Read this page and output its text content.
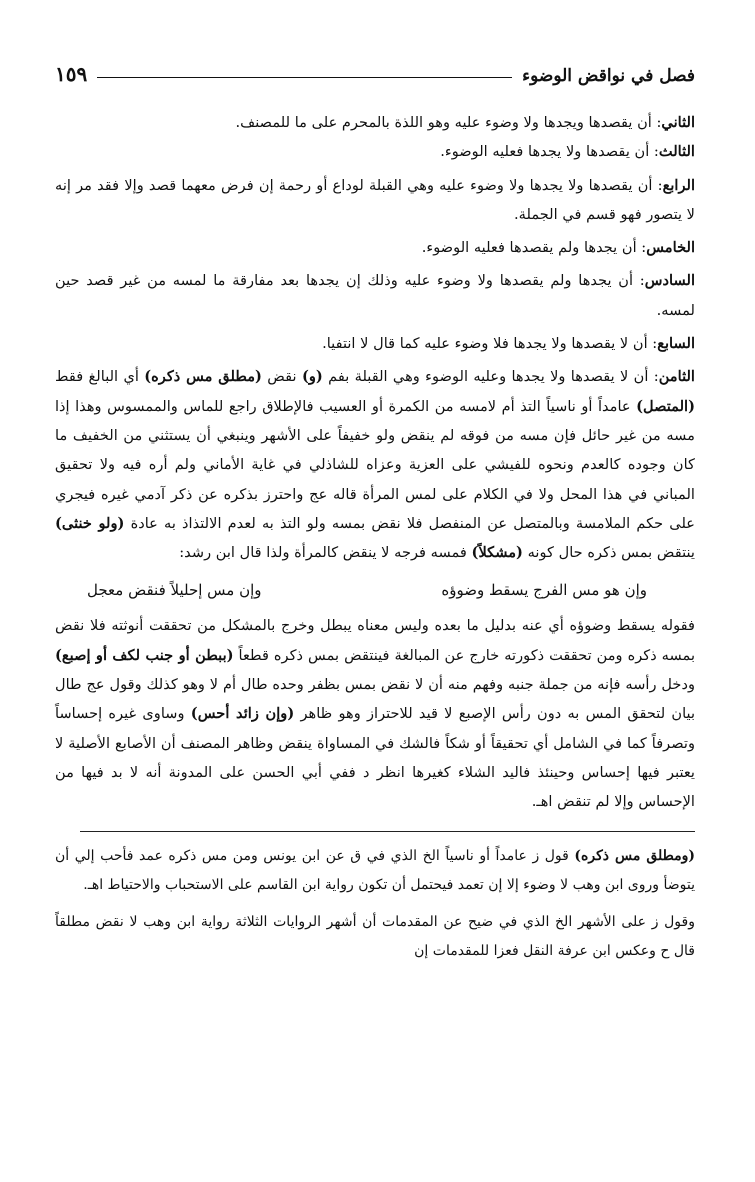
فصل في نواقض الوضوء
١٥٩

الثاني: أن يقصدها ويجدها ولا وضوء عليه وهو اللذة بالمحرم على ما للمصنف.

الثالث: أن يقصدها ولا يجدها فعليه الوضوء.

الرابع: أن يقصدها ولا يجدها ولا وضوء عليه وهي القبلة لوداع أو رحمة إن فرض معهما قصد وإلا فقد مر إنه لا يتصور فهو قسم في الجملة.

الخامس: أن يجدها ولم يقصدها فعليه الوضوء.

السادس: أن يجدها ولم يقصدها ولا وضوء عليه وذلك إن يجدها بعد مفارقة ما لمسه من غير قصد حين لمسه.

السابع: أن لا يقصدها ولا يجدها فلا وضوء عليه كما قال لا انتفيا.

الثامن: أن لا يقصدها ولا يجدها وعليه الوضوء وهي القبلة بفم (و) نقض (مطلق مس ذكره) أي البالغ فقط (المتصل) عامداً أو ناسياً التذ أم لامسه من الكمرة أو العسيب فالإطلاق راجع للماس والممسوس وهذا إذا مسه من غير حائل فإن مسه من فوقه لم ينقض ولو خفيفاً على الأشهر وينبغي أن يستثني من الخفيف ما كان وجوده كالعدم ونحوه للفيشي على العزية وعزاه للشاذلي في غاية الأماني ولم أره فيه ولا تحقيق المباني في هذا المحل ولا في الكلام على لمس المرأة قاله عج واحترز بذكره عن ذكر آدمي غيره فيجري على حكم الملامسة وبالمتصل عن المنفصل فلا نقض بمسه ولو التذ به لعدم الالتذاذ به عادة (ولو خنثى) ينتقض بمس ذكره حال كونه (مشكلاً) فمسه فرجه لا ينقض كالمرأة ولذا قال ابن رشد:

وإن هو مس الفرج يسقط وضوؤه
وإن مس إحليلاً فنقض معجل

فقوله يسقط وضوؤه أي عنه بدليل ما بعده وليس معناه يبطل وخرج بالمشكل من تحققت أنوثته فلا نقض بمسه ذكره ومن تحققت ذكورته خارج عن المبالغة فينتقض بمس ذكره قطعاً (ببطن أو جنب لكف أو إصبع) ودخل رأسه فإنه من جملة جنبه وفهم منه أن لا نقض بمس بظفر وحده طال أم لا وهو كذلك وقول عج طال بيان لتحقق المس به دون رأس الإصبع لا قيد للاحتراز وهو ظاهر (وإن زائد أحس) وساوى غيره إحساساً وتصرفاً كما في الشامل أي تحقيقاً أو شكاً فالشك في المساواة ينقض وظاهر المصنف أن الأصابع الأصلية لا يعتبر فيها إحساس وحينئذ فاليد الشلاء كغيرها انظر د ففي أبي الحسن على المدونة أنه لا بد فيها من الإحساس وإلا لم تنقض اهـ.

(ومطلق مس ذكره) قول ز عامداً أو ناسياً الخ الذي في ق عن ابن يونس ومن مس ذكره عمد فأحب إلي أن يتوضأ وروى ابن وهب لا وضوء إلا إن تعمد فيحتمل أن تكون رواية ابن القاسم على الاستحباب والاحتياط اهـ.

وقول ز على الأشهر الخ الذي في ضيح عن المقدمات أن أشهر الروايات الثلاثة رواية ابن وهب لا نقض مطلقاً قال ح وعكس ابن عرفة النقل فعزا للمقدمات إن
